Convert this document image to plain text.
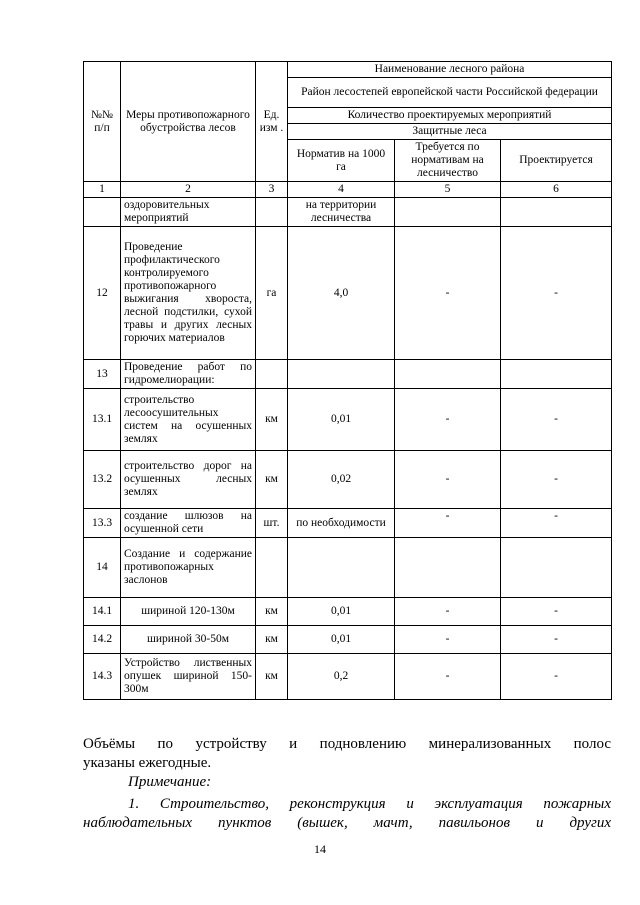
№№ п/п	Меры противопожарного обустройства лесов	Ед. изм .	Наименование лесного района		
			Район лесостепей европейской части Российской федерации		
			Количество проектируемых мероприятий		
			Защитные леса		
			Норматив на 1000 га	Требуется по нормативам на лесничество	Проектируется
1	2	3	4	5	6
	оздоровительных мероприятий		на территории лесничества		
12	Проведение профилактического контролируемого противопожарного выжигания хвороста, лесной подстилки, сухой травы и других лесных горючих материалов	га	4,0	-	-
13	Проведение работ по гидромелиорации:				
13.1	строительство лесоосушительных систем на осушенных землях	км	0,01	-	-
13.2	строительство дорог на осушенных лесных землях	км	0,02	-	-
13.3	создание шлюзов на осушенной сети	шт.	по необходимости	-	-
14	Создание и содержание противопожарных заслонов				
14.1	шириной 120-130м	км	0,01	-	-
14.2	шириной 30-50м	км	0,01	-	-
14.3	Устройство лиственных опушек шириной 150-300м	км	0,2	-	-
Объёмы по устройству и подновлению минерализованных полос
указаны ежегодные.
Примечание:
1. Строительство, реконструкция и эксплуатация пожарных
наблюдательных пунктов (вышек, мачт, павильонов и других
14
